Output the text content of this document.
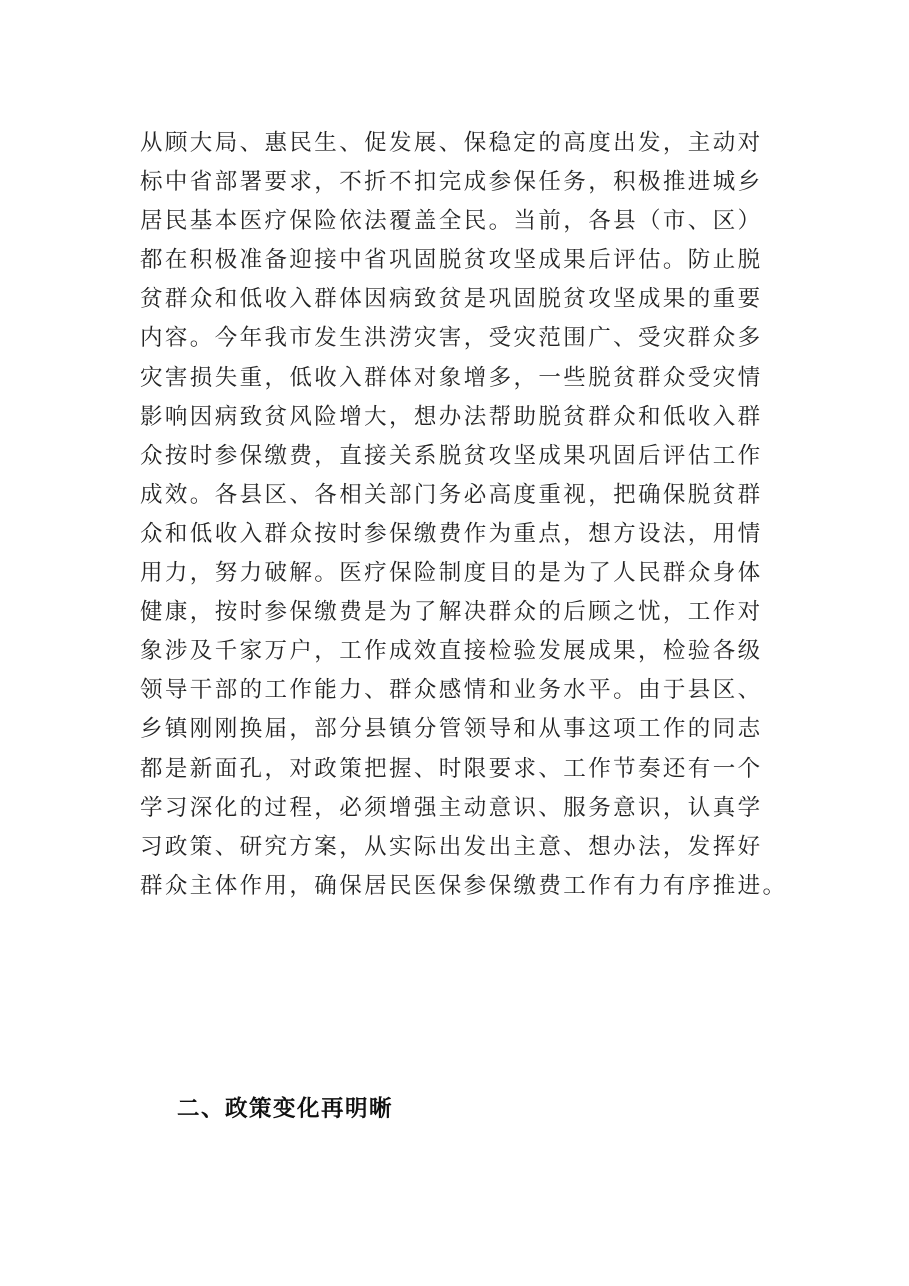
从顾大局、惠民生、促发展、保稳定的高度出发，主动对
标中省部署要求，不折不扣完成参保任务，积极推进城乡
居民基本医疗保险依法覆盖全民。当前，各县（市、区）
都在积极准备迎接中省巩固脱贫攻坚成果后评估。防止脱
贫群众和低收入群体因病致贫是巩固脱贫攻坚成果的重要
内容。今年我市发生洪涝灾害，受灾范围广、受灾群众多
灾害损失重，低收入群体对象增多，一些脱贫群众受灾情
影响因病致贫风险增大，想办法帮助脱贫群众和低收入群
众按时参保缴费，直接关系脱贫攻坚成果巩固后评估工作
成效。各县区、各相关部门务必高度重视，把确保脱贫群
众和低收入群众按时参保缴费作为重点，想方设法，用情
用力，努力破解。医疗保险制度目的是为了人民群众身体
健康，按时参保缴费是为了解决群众的后顾之忧，工作对
象涉及千家万户，工作成效直接检验发展成果，检验各级
领导干部的工作能力、群众感情和业务水平。由于县区、
乡镇刚刚换届，部分县镇分管领导和从事这项工作的同志
都是新面孔，对政策把握、时限要求、工作节奏还有一个
学习深化的过程，必须增强主动意识、服务意识，认真学
习政策、研究方案，从实际出发出主意、想办法，发挥好
群众主体作用，确保居民医保参保缴费工作有力有序推进。
二、政策变化再明晰
